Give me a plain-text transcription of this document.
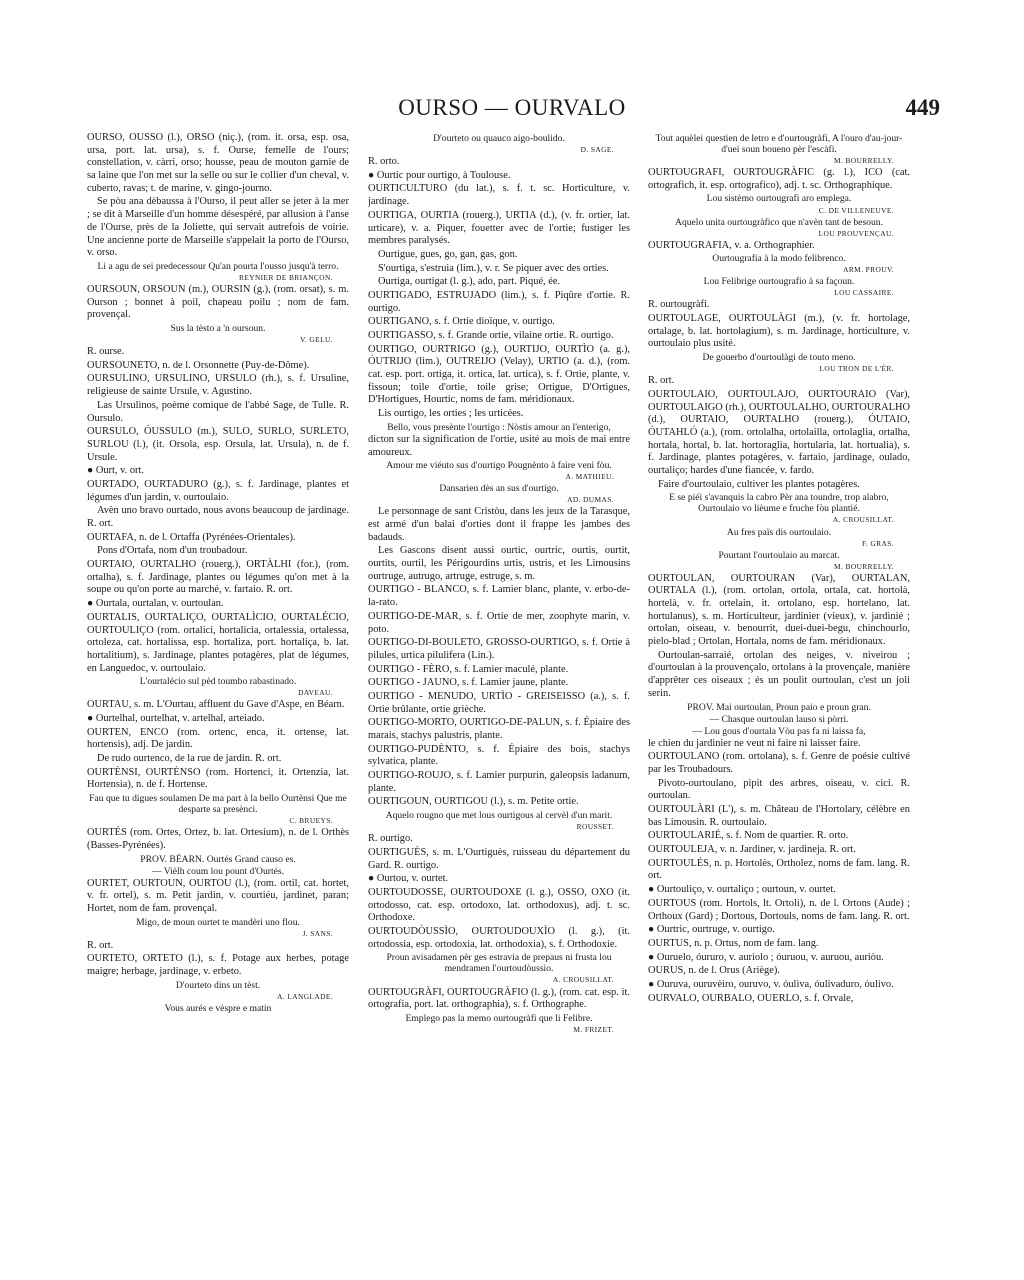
OURSO — OURVALO	449
OURSO, OUSSO (l.), ORSO (niç.), (rom. it. orsa, esp. osa, ursa, port. lat. ursa), s. f. Ourse, femelle de l'ours; constellation, v. càrri, orso; housse, peau de mouton garnie de sa laine que l'on met sur la selle ou sur le collier d'un cheval, v. cuberto, ravas; t. de marine, v. gingo-journo.
Se pòu ana dèbaussa à l'Ourso, il peut aller se jeter à la mer ; se dit à Marseille d'un homme désespéré, par allusion à l'anse de l'Ourse, près de la Joliette, qui servait autrefois de voirie. Une ancienne porte de Marseille s'appelait la porto de l'Ourso, v. orso.
Li a agu de sei predecessour Qu'an pourta l'ousso jusqu'à terro.
REYNIER DE BRIANÇON.
OURSOUN, ORSOUN (m.), OURSIN (g.), (rom. orsat), s. m. Ourson ; bonnet à poil, chapeau poilu ; nom de fam. provençal.
Sus la tèsto a 'n oursoun.
V. GELU.
R. ourse.
OURSOUNETO, n. de l. Orsonnette (Puy-de-Dôme).
OURSULINO, URSULINO, URSULO (rh.), s. f. Ursuline, religieuse de sainte Ursule, v. Agustino.
Las Ursulinos, poème comique de l'abbé Sage, de Tulle. R. Oursulo.
OURSULO, ÓUSSULO (m.), SULO, SURLO, SURLETO, SURLOU (l.), (it. Orsola, esp. Orsula, lat. Ursula), n. de f. Ursule.
● Ourt, v. ort.
OURTADO, OURTADURO (g.), s. f. Jardinage, plantes et légumes d'un jardin, v. ourtoulaio.
Avèn uno bravo ourtado, nous avons beaucoup de jardinage. R. ort.
OURTAFA, n. de l. Ortaffa (Pyrénées-Orientales).
Pons d'Ortafa, nom d'un troubadour.
OURTAIO, OURTALHO (rouerg.), ORTÀLHI (for.), (rom. ortalha), s. f. Jardinage, plantes ou légumes qu'on met à la soupe ou qu'on porte au marché, v. fartaio. R. ort.
● Ourtala, ourtalan, v. ourtoulan.
OURTALIS, OURTALIÇO, OURTALÌCIO, OURTALÉCIO, OURTOULIÇO (rom. ortalici, hortalicia, ortalessia, ortalessa, ortoleza, cat. hortalissa, esp. hortaliza, port. hortaliça, b. lat. hortalitium), s. Jardinage, plantes potagères, plat de légumes, en Languedoc, v. ourtoulaio.
L'ourtalécio sul pèd toumbo rabastinado.
DAVEAU.
OURTAU, s. m. L'Ourtau, affluent du Gave d'Aspe, en Béarn.
● Ourtelhal, ourtelhat, v. artelhal, arteiado.
OURTEN, ENCO (rom. ortenc, enca, it. ortense, lat. hortensis), adj. De jardin.
De rudo ourtenco, de la rue de jardin. R. ort.
OURTÈNSI, OURTÈNSO (rom. Hortenci, it. Ortenzia, lat. Hortensia), n. de f. Hortense.
Fau que tu digues soulamen De ma part à la bello Ourtènsi Que me desparte sa presènci.
C. BRUEYS.
OURTÉS (rom. Ortes, Ortez, b. lat. Ortesium), n. de l. Orthès (Basses-Pyrénées).
PROV. BÉARN. Ourtés Grand causo es.
— Vièlh coum lou pount d'Ourtés.
OURTET, OURTOUN, OURTOU (l.), (rom. ortil, cat. hortet, v. fr. ortel), s. m. Petit jardin, v. courtiéu, jardinet, paran; Hortet, nom de fam. provençal.
Migo, de moun ourtet te mandèri uno flou.
J. SANS.
R. ort.
OURTETO, ORTETO (l.), s. f. Potage aux herbes, potage maigre; herbage, jardinage, v. erbeto.
D'ourteto dins un tèst.
A. LANGLADE.
Vous aurés e vèspre e matin
D'ourteto ou quauco aigo-boulido.
D. SAGE.
R. orto.
● Ourtic pour ourtigo, à Toulouse.
OURTICULTURO (du lat.), s. f. t. sc. Horticulture, v. jardinage.
OURTIGA, OURTIA (rouerg.), URTIA (d.), (v. fr. ortier, lat. urticare), v. a. Piquer, fouetter avec de l'ortie; fustiger les membres paralysés.
Ourtigue, gues, go, gan, gas, gon.
S'ourtiga, s'estruia (lim.), v. r. Se piquer avec des orties.
Ourtiga, ourtigat (l. g.), ado, part. Piqué, ée.
OURTIGADO, ESTRUJADO (lim.), s. f. Piqûre d'ortie. R. ourtigo.
OURTIGANO, s. f. Ortie dioïque, v. ourtigo.
OURTIGASSO, s. f. Grande ortie, vilaine ortie. R. ourtigo.
OURTIGO, OURTRIGO (g.), OURTIJO, OURTÌO (a. g.), ÓUTRIJO (lim.), OUTREIJO (Velay), URTIO (a. d.), (rom. cat. esp. port. ortiga, it. ortica, lat. urtica), s. f. Ortie, plante, v. fissoun; toile d'ortie, toile grise; Ortigue, D'Ortigues, D'Hortigues, Hourtic, noms de fam. méridionaux.
Lis ourtigo, les orties ; les urticées.
Bello, vous presènte l'ourtigo : Nòstis amour an l'enterigo,
dicton sur la signification de l'ortie, usité au mois de mai entre amoureux.
Amour me viéuto sus d'ourtigo Pougnènto à faire veni fòu.
A. MATHIEU.
Dansarien dès an sus d'ourtigo.
AD. DUMAS.
Le personnage de sant Cristòu, dans les jeux de la Tarasque, est armé d'un balai d'orties dont il frappe les jambes des badauds.
Les Gascons disent aussi ourtic, ourtric, ourtis, ourtit, ourtits, ourtil, les Périgourdins urtis, ustris, et les Limousins ourtruge, autrugo, artruge, estruge, s. m.
OURTIGO - BLANCO, s. f. Lamier blanc, plante, v. erbo-de-la-rato.
OURTIGO-DE-MAR, s. f. Ortie de mer, zoophyte marin, v. poto.
OURTIGO-DI-BOULETO, GROSSO-OURTIGO, s. f. Ortie à pilules, urtica pilulifera (Lin.).
OURTIGO - FÈRO, s. f. Lamier maculé, plante.
OURTIGO - JAUNO, s. f. Lamier jaune, plante.
OURTIGO - MENUDO, URTÌO - GREISEISSO (a.), s. f. Ortie brûlante, ortie grièche.
OURTIGO-MORTO, OURTIGO-DE-PALUN, s. f. Épiaire des marais, stachys palustris, plante.
OURTIGO-PUDÈNTO, s. f. Épiaire des bois, stachys sylvatica, plante.
OURTIGO-ROUJO, s. f. Lamier purpurin, galeopsis ladanum, plante.
OURTIGOUN, OURTIGOU (l.), s. m. Petite ortie.
Aquelo rougno que met lous ourtigous al cervèl d'un marit.
ROUSSET.
R. ourtigo.
OURTIGUÈS, s. m. L'Ourtiguès, ruisseau du département du Gard. R. ourtigo.
● Ourtou, v. ourtet.
OURTOUDOSSE, OURTOUDOXE (l. g.), OSSO, OXO (it. ortodosso, cat. esp. ortodoxo, lat. orthodoxus), adj. t. sc. Orthodoxe.
OURTOUDÒUSSÌO, OURTOUDOUXÌO (l. g.), (it. ortodossia, esp. ortodoxia, lat. orthodoxia), s. f. Orthodoxie.
Proun avisadamen pèr ges estravia de prepaus ni frusta lou mendramen l'ourtoudòussìo.
A. CROUSILLAT.
OURTOUGRÀFI, OURTOUGRÀFIO (l. g.), (rom. cat. esp. it. ortografia, port. lat. orthographia), s. f. Orthographe.
Emplego pas la memo ourtougràfi que li Felibre.
M. FRIZET.
Tout aquèlei questien de letro e d'ourtougràfi, A l'ouro d'au-jour-d'uei soun boueno pèr l'escàfi.
M. BOURRELLY.
OURTOUGRAFI, OURTOUGRÀFIC (g. l.), ICO (cat. ortografich, it. esp. ortografico), adj. t. sc. Orthographique.
Lou sistèmo ourtougrafi aro emplega.
C. DE VILLENEUVE.
Aquelo unita ourtougràfico que n'avèn tant de besoun.
LOU PROUVENÇAU.
OURTOUGRAFIA, v. a. Orthographier.
Ourtougrafia à la modo felibrenco.
ARM. PROUV.
Lou Felibrige ourtougrafio à sa façoun.
LOU CASSAIRE.
R. ourtougràfi.
OURTOULAGE, OURTOULÀGI (m.), (v. fr. hortolage, ortalage, b. lat. hortolagium), s. m. Jardinage, horticulture, v. ourtoulaio plus usité.
De gouerbo d'ourtoulàgi de touto meno.
LOU TRON DE L'ÈR.
R. ort.
OURTOULAIO, OURTOULAJO, OURTOURAIO (Var), OURTOULAIGO (rh.), OURTOULALHO, OURTOURALHO (d.), OURTAIO, OURTALHO (rouerg.), ÓUTAIO, ÓUTAHLÓ (a.), (rom. ortolalha, ortolailla, ortolaglia, ortalha, hortala, hortal, b. lat. hortoraglia, hortularia, lat. hortualia), s. f. Jardinage, plantes potagères, v. fartaio, jardinage, oulado, ourtaliço; hardes d'une fiancée, v. fardo.
Faire d'ourtoulaio, cultiver les plantes potagères.
E se piéi s'avanquis la cabro Pèr ana toundre, trop alabro, Ourtoulaio vo lièume e fruche fòu plantié.
A. CROUSILLAT.
Au fres païs dis ourtoulaio.
F. GRAS.
Pourtant l'ourtoulaio au marcat.
M. BOURRELLY.
OURTOULAN, OURTOURAN (Var), OURTALAN, OURTALA (l.), (rom. ortolan, ortola, ortala, cat. hortolà, hortelà, v. fr. ortelain, it. ortolano, esp. hortelano, lat. hortulanus), s. m. Horticulteur, jardinier (vieux), v. jardinié ; ortolan, oiseau, v. benourrit, duei-duei-begu, chinchourlo, pielo-blad ; Ortolan, Hortala, noms de fam. méridionaux.
Ourtoulan-sarraié, ortolan des neiges, v. niveirou ; d'ourtoulan à la prouvençalo, ortolans à la provençale, manière d'apprêter ces oiseaux ; és un poulit ourtoulan, c'est un joli serin.
PROV. Mai ourtoulan, Proun paio e proun gran.
— Chasque ourtoulan lauso si pòrri.
— Lou gous d'ourtala Vòu pas fa ni laissa fa,
le chien du jardinier ne veut ni faire ni laisser faire.
OURTOULANO (rom. ortolana), s. f. Genre de poésie cultivé par les Troubadours.
Pivoto-ourtoulano, pipit des arbres, oiseau, v. cici. R. ourtoulan.
OURTOULÀRI (L'), s. m. Château de l'Hortolary, célèbre en bas Limousin. R. ourtoulaio.
OURTOULARIÉ, s. f. Nom de quartier. R. orto.
OURTOULEJA, v. n. Jardiner, v. jardineja. R. ort.
OURTOULÉS, n. p. Hortolès, Ortholez, noms de fam. lang. R. ort.
● Ourtouliço, v. ourtaliço ; ourtoun, v. ourtet.
OURTOUS (rom. Hortols, lt. Ortoli), n. de l. Ortons (Aude) ; Orthoux (Gard) ; Dortous, Dortouls, noms de fam. lang. R. ort.
● Ourtric, ourtruge, v. ourtigo.
OURTUS, n. p. Ortus, nom de fam. lang.
● Ouruelo, óururo, v. auriolo ; óuruou, v. auruou, auriòu.
OURUS, n. de l. Orus (Ariège).
● Ouruva, ouruvèiro, ouruvo, v. óuliva, óulivaduro, óulivo.
OURVALO, OURBALO, OUERLO, s. f. Orvale,
